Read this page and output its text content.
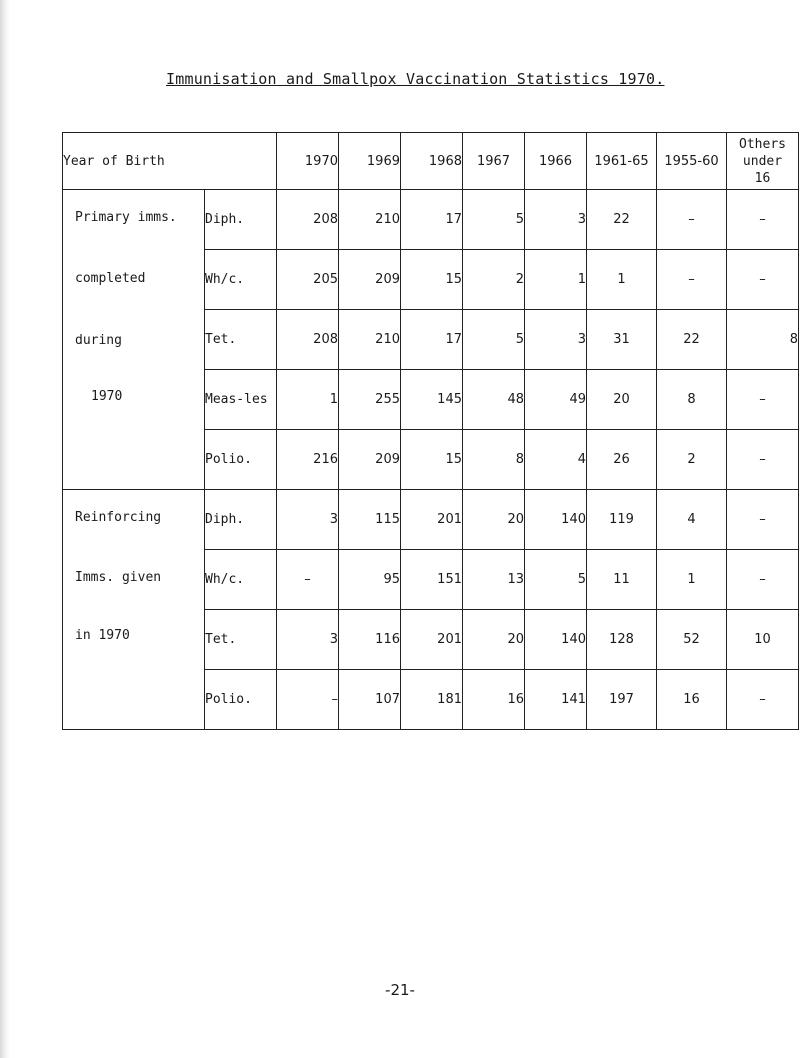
Immunisation and Smallpox Vaccination Statistics 1970.
Year of Birth		1970	1969	1968	1967	1966	1961-65	1955-60	Others
under
16

Primary imms.
completed
during
1970	Diph.	208	210	17	5	3	22	–	–
	Wh/c.	205	209	15	2	1	1	–	–
	Tet.	208	210	17	5	3	31	22	8
	Meas-les	1	255	145	48	49	20	8	–
	Polio.	216	209	15	8	4	26	2	–

Reinforcing
Imms. given
in 1970	Diph.	3	115	201	20	140	119	4	–
	Wh/c.	–	95	151	13	5	11	1	–
	Tet.	3	116	201	20	140	128	52	10
	Polio.	–	107	181	16	141	197	16	–
-21-
